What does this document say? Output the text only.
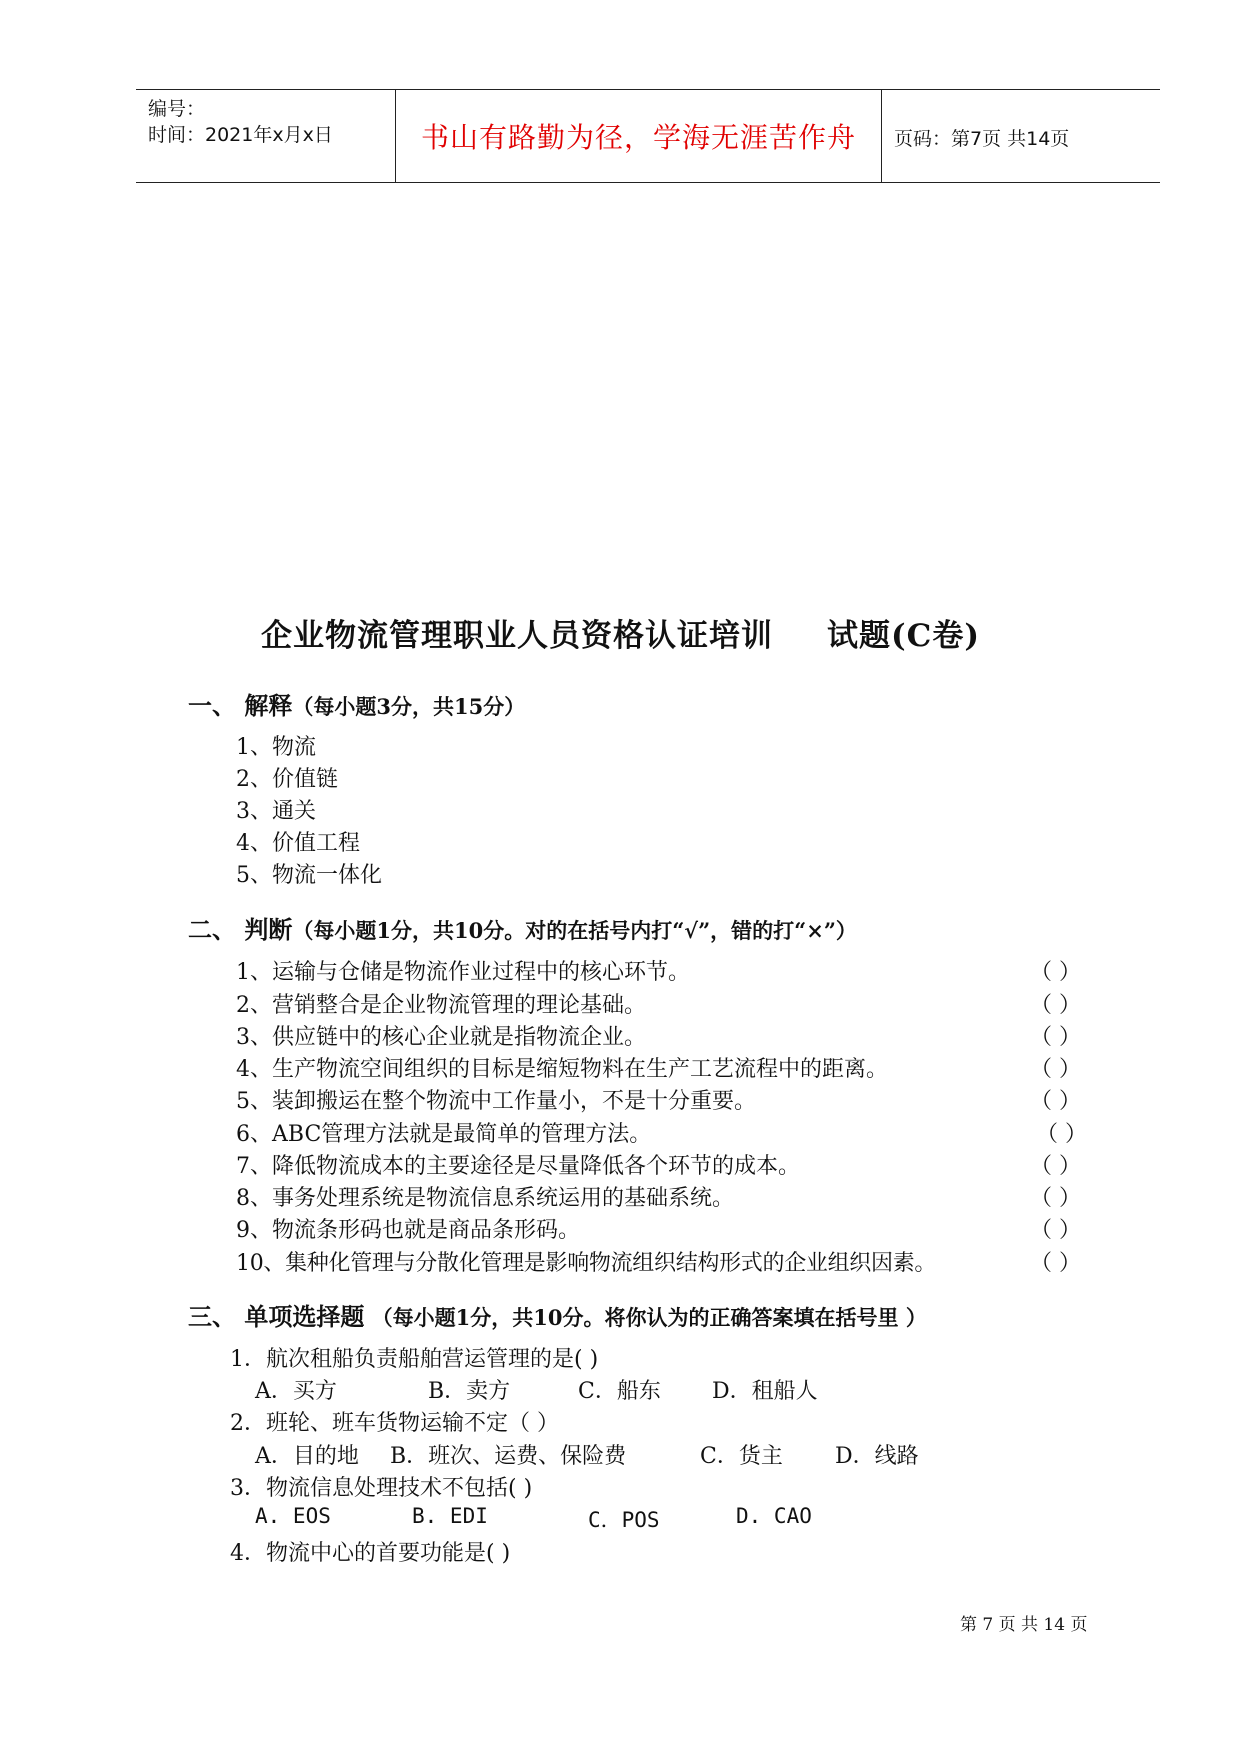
编号：
时间：2021年x月x日	书山有路勤为径，学海无涯苦作舟	页码：第7页 共14页
企业物流管理职业人员资格认证培训 试题(C卷)
一、 解释（每小题3分，共15分）
1、物流
2、价值链
3、通关
4、价值工程
5、物流一体化
二、 判断（每小题1分，共10分。对的在括号内打“√”，错的打“×”）
1、运输与仓储是物流作业过程中的核心环节。	（ ）
2、营销整合是企业物流管理的理论基础。	（ ）
3、供应链中的核心企业就是指物流企业。	（ ）
4、生产物流空间组织的目标是缩短物料在生产工艺流程中的距离。	（ ）
5、装卸搬运在整个物流中工作量小，不是十分重要。	（ ）
6、ABC管理方法就是最简单的管理方法。	（ ）
7、降低物流成本的主要途径是尽量降低各个环节的成本。	（ ）
8、事务处理系统是物流信息系统运用的基础系统。	（ ）
9、物流条形码也就是商品条形码。	（ ）
10、集种化管理与分散化管理是影响物流组织结构形式的企业组织因素。	（ ）
三、 单项选择题 （每小题1分，共10分。将你认为的正确答案填在括号里 ）
1．航次租船负责船舶营运管理的是( )
A．买方	B．卖方	C．船东 D．租船人
2．班轮、班车货物运输不定（ ）
A．目的地 B．班次、运费、保险费	C．货主 D．线路
3．物流信息处理技术不包括( )
A. EOS	B. EDI	C．POS	D. CAO
4．物流中心的首要功能是( )
第 7 页 共 14 页
